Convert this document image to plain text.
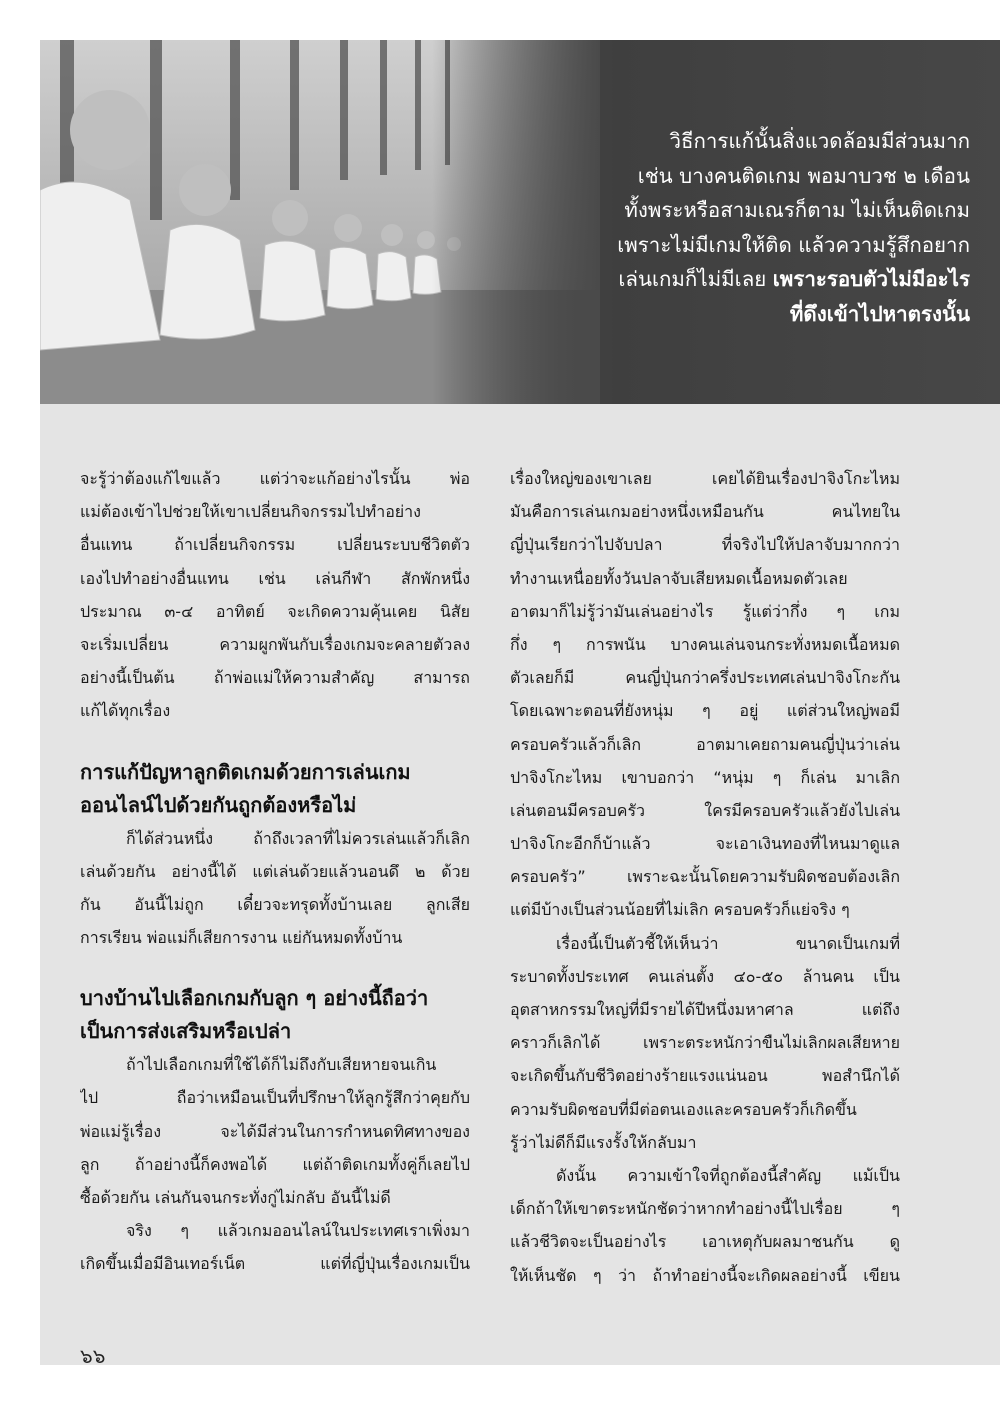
วิธีการแก้นั้นสิ่งแวดล้อมมีส่วนมาก
เช่น บางคนติดเกม พอมาบวช ๒ เดือน
ทั้งพระหรือสามเณรก็ตาม ไม่เห็นติดเกม
เพราะไม่มีเกมให้ติด แล้วความรู้สึกอยาก
เล่นเกมก็ไม่มีเลย เพราะรอบตัวไม่มีอะไร
ที่ดึงเข้าไปหาตรงนั้น
จะรู้ว่าต้องแก้ไขแล้ว แต่ว่าจะแก้อย่างไรนั้น พ่อ
แม่ต้องเข้าไปช่วยให้เขาเปลี่ยนกิจกรรมไปทำอย่าง
อื่นแทน ถ้าเปลี่ยนกิจกรรม เปลี่ยนระบบชีวิตตัว
เองไปทำอย่างอื่นแทน เช่น เล่นกีฬา สักพักหนึ่ง
ประมาณ ๓-๔ อาทิตย์ จะเกิดความคุ้นเคย นิสัย
จะเริ่มเปลี่ยน ความผูกพันกับเรื่องเกมจะคลายตัวลง
อย่างนี้เป็นต้น ถ้าพ่อแม่ให้ความสำคัญ สามารถ
แก้ได้ทุกเรื่อง
การแก้ปัญหาลูกติดเกมด้วยการเล่นเกม
ออนไลน์ไปด้วยกันถูกต้องหรือไม่
ก็ได้ส่วนหนึ่ง ถ้าถึงเวลาที่ไม่ควรเล่นแล้วก็เลิก
เล่นด้วยกัน อย่างนี้ได้ แต่เล่นด้วยแล้วนอนดึ ๒ ด้วย
กัน อันนี้ไม่ถูก เดี๋ยวจะทรุดทั้งบ้านเลย ลูกเสีย
การเรียน พ่อแม่ก็เสียการงาน แย่กันหมดทั้งบ้าน
บางบ้านไปเลือกเกมกับลูก ๆ อย่างนี้ถือว่า
เป็นการส่งเสริมหรือเปล่า
ถ้าไปเลือกเกมที่ใช้ได้ก็ไม่ถึงกับเสียหายจนเกิน
ไป ถือว่าเหมือนเป็นที่ปรึกษาให้ลูกรู้สึกว่าคุยกับ
พ่อแม่รู้เรื่อง จะได้มีส่วนในการกำหนดทิศทางของ
ลูก ถ้าอย่างนี้ก็คงพอได้ แต่ถ้าติดเกมทั้งคู่ก็เลยไป
ซื้อด้วยกัน เล่นกันจนกระทั่งกู่ไม่กลับ อันนี้ไม่ดี
จริง ๆ แล้วเกมออนไลน์ในประเทศเราเพิ่งมา
เกิดขึ้นเมื่อมีอินเทอร์เน็ต แต่ที่ญี่ปุ่นเรื่องเกมเป็น
เรื่องใหญ่ของเขาเลย เคยได้ยินเรื่องปาจิงโกะไหม
มันคือการเล่นเกมอย่างหนึ่งเหมือนกัน คนไทยใน
ญี่ปุ่นเรียกว่าไปจับปลา ที่จริงไปให้ปลาจับมากกว่า
ทำงานเหนื่อยทั้งวันปลาจับเสียหมดเนื้อหมดตัวเลย
อาตมาก็ไม่รู้ว่ามันเล่นอย่างไร รู้แต่ว่ากึ่ง ๆ เกม
กึ่ง ๆ การพนัน บางคนเล่นจนกระทั่งหมดเนื้อหมด
ตัวเลยก็มี คนญี่ปุ่นกว่าครึ่งประเทศเล่นปาจิงโกะกัน
โดยเฉพาะตอนที่ยังหนุ่ม ๆ อยู่ แต่ส่วนใหญ่พอมี
ครอบครัวแล้วก็เลิก อาตมาเคยถามคนญี่ปุ่นว่าเล่น
ปาจิงโกะไหม เขาบอกว่า “หนุ่ม ๆ ก็เล่น มาเลิก
เล่นตอนมีครอบครัว ใครมีครอบครัวแล้วยังไปเล่น
ปาจิงโกะอีกก็บ้าแล้ว จะเอาเงินทองที่ไหนมาดูแล
ครอบครัว” เพราะฉะนั้นโดยความรับผิดชอบต้องเลิก
แต่มีบ้างเป็นส่วนน้อยที่ไม่เลิก ครอบครัวก็แย่จริง ๆ
เรื่องนี้เป็นตัวชี้ให้เห็นว่า ขนาดเป็นเกมที่
ระบาดทั้งประเทศ คนเล่นตั้ง ๔๐-๕๐ ล้านคน เป็น
อุตสาหกรรมใหญ่ที่มีรายได้ปีหนึ่งมหาศาล แต่ถึง
คราวก็เลิกได้ เพราะตระหนักว่าขืนไม่เลิกผลเสียหาย
จะเกิดขึ้นกับชีวิตอย่างร้ายแรงแน่นอน พอสำนึกได้
ความรับผิดชอบที่มีต่อตนเองและครอบครัวก็เกิดขึ้น
รู้ว่าไม่ดีก็มีแรงรั้งให้กลับมา
ดังนั้น ความเข้าใจที่ถูกต้องนี้สำคัญ แม้เป็น
เด็กถ้าให้เขาตระหนักชัดว่าหากทำอย่างนี้ไปเรื่อย ๆ
แล้วชีวิตจะเป็นอย่างไร เอาเหตุกับผลมาชนกัน ดู
ให้เห็นชัด ๆ ว่า ถ้าทำอย่างนี้จะเกิดผลอย่างนี้ เขียน
๖๖
